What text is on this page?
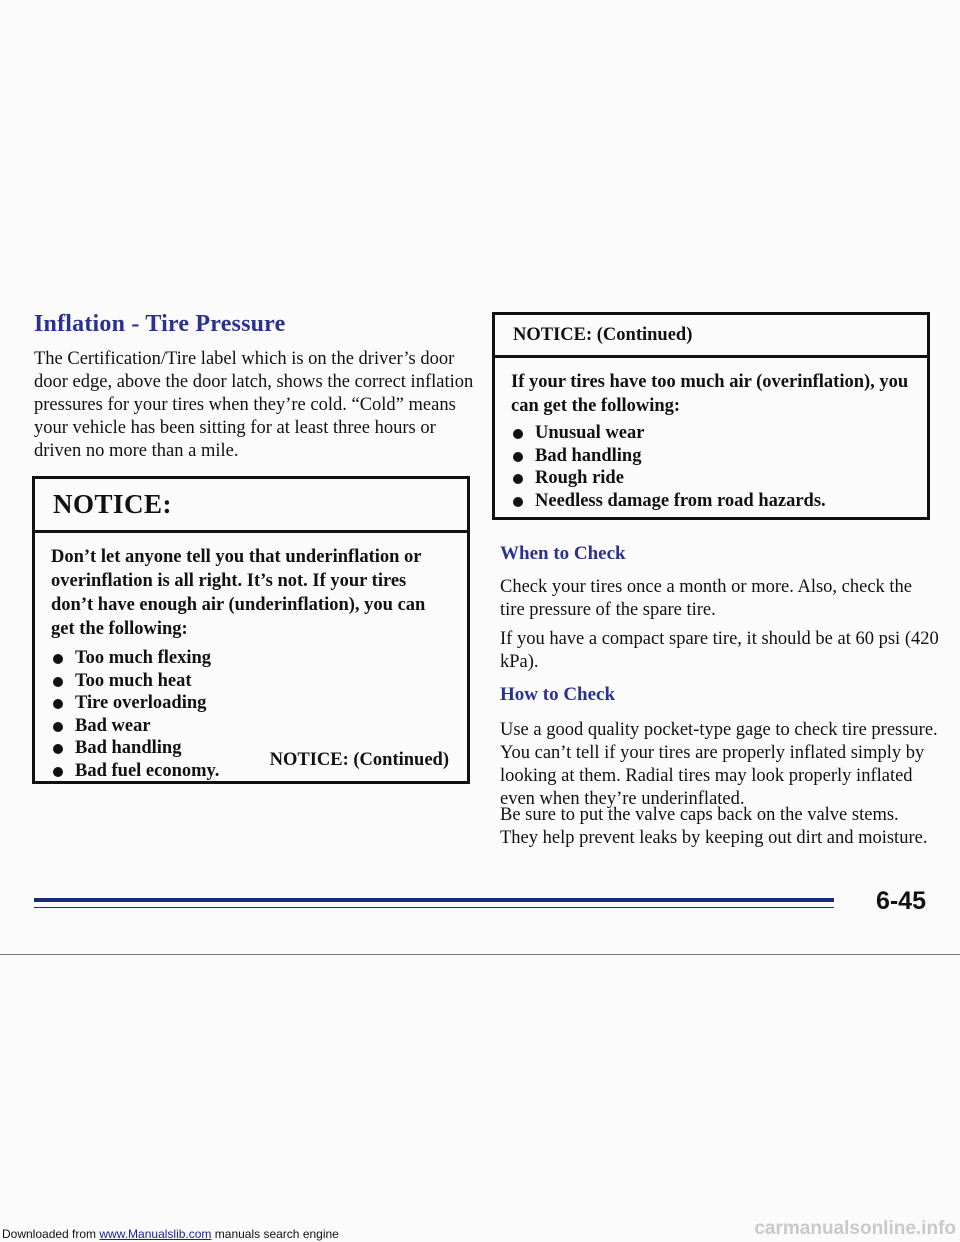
Inflation - Tire Pressure
The Certification/Tire label which is on the driver’s door door edge, above the door latch, shows the correct inflation pressures for your tires when they’re cold. “Cold” means your vehicle has been sitting for at least three hours or driven no more than a mile.
NOTICE:

Don’t let anyone tell you that underinflation or overinflation is all right. It’s not. If your tires don’t have enough air (underinflation), you can get the following:

Too much flexing
Too much heat
Tire overloading
Bad wear
Bad handling
Bad fuel economy.
NOTICE: (Continued)
NOTICE: (Continued)

If your tires have too much air (overinflation), you can get the following:

Unusual wear
Bad handling
Rough ride
Needless damage from road hazards.
When to Check
Check your tires once a month or more. Also, check the tire pressure of the spare tire.
If you have a compact spare tire, it should be at 60 psi (420 kPa).
How to Check
Use a good quality pocket-type gage to check tire pressure. You can’t tell if your tires are properly inflated simply by looking at them. Radial tires may look properly inflated even when they’re underinflated.
Be sure to put the valve caps back on the valve stems. They help prevent leaks by keeping out dirt and moisture.
6-45
Downloaded from www.Manualslib.com manuals search engine	carmanualsonline.info
